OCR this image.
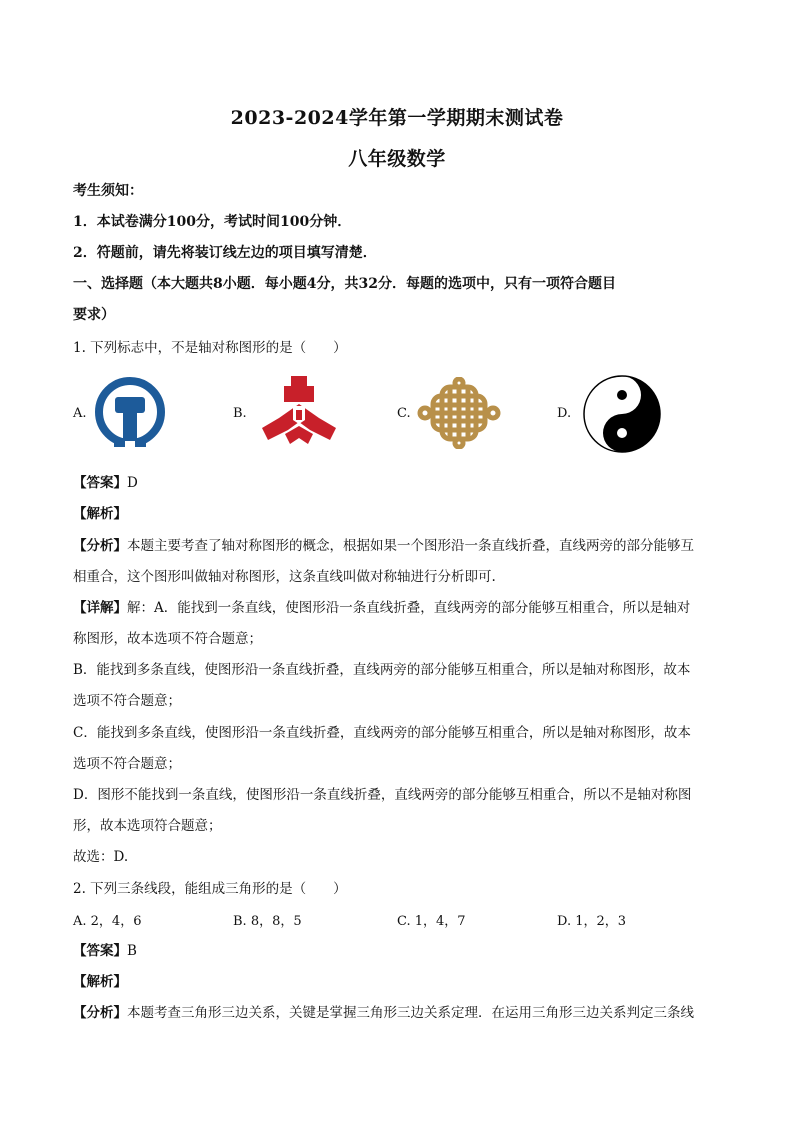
2023-2024学年第一学期期末测试卷
八年级数学
考生须知：
1．本试卷满分100分，考试时间100分钟．
2．符题前，请先将装订线左边的项目填写清楚．
一、选择题（本大题共8小题．每小题4分，共32分．每题的选项中，只有一项符合题目
要求）
1. 下列标志中，不是轴对称图形的是（　　）
A.	B.	C.	D.
【答案】D
【解析】
【分析】本题主要考查了轴对称图形的概念，根据如果一个图形沿一条直线折叠，直线两旁的部分能够互
相重合，这个图形叫做轴对称图形，这条直线叫做对称轴进行分析即可.
【详解】解：A．能找到一条直线，使图形沿一条直线折叠，直线两旁的部分能够互相重合，所以是轴对
称图形，故本选项不符合题意；
B．能找到多条直线，使图形沿一条直线折叠，直线两旁的部分能够互相重合，所以是轴对称图形，故本
选项不符合题意；
C．能找到多条直线，使图形沿一条直线折叠，直线两旁的部分能够互相重合，所以是轴对称图形，故本
选项不符合题意；
D．图形不能找到一条直线，使图形沿一条直线折叠，直线两旁的部分能够互相重合，所以不是轴对称图
形，故本选项符合题意；
故选：D.
2. 下列三条线段，能组成三角形的是（　　）
A. 2，4，6	B. 8，8，5	C. 1，4，7	D. 1，2，3
【答案】B
【解析】
【分析】本题考查三角形三边关系，关键是掌握三角形三边关系定理．在运用三角形三边关系判定三条线
